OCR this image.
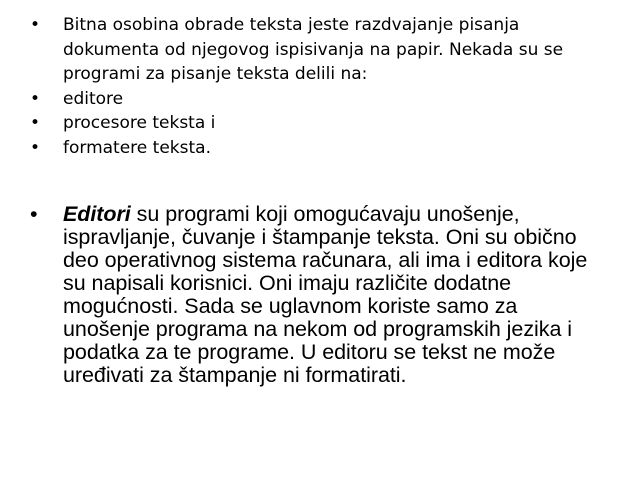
• Bitna osobina obrade teksta jeste razdvajanje pisanja dokumenta od njegovog ispisivanja na papir. Nekada su se programi za pisanje teksta delili na:
• editore
• procesore teksta i
• formatere teksta.
• Editori su programi koji omogućavaju unošenje, ispravljanje, čuvanje i štampanje teksta. Oni su obično deo operativnog sistema računara, ali ima i editora koje su napisali korisnici. Oni imaju različite dodatne mogućnosti. Sada se uglavnom koriste samo za unošenje programa na nekom od programskih jezika i podatka za te programe. U editoru se tekst ne može uređivati za štampanje ni formatirati.
